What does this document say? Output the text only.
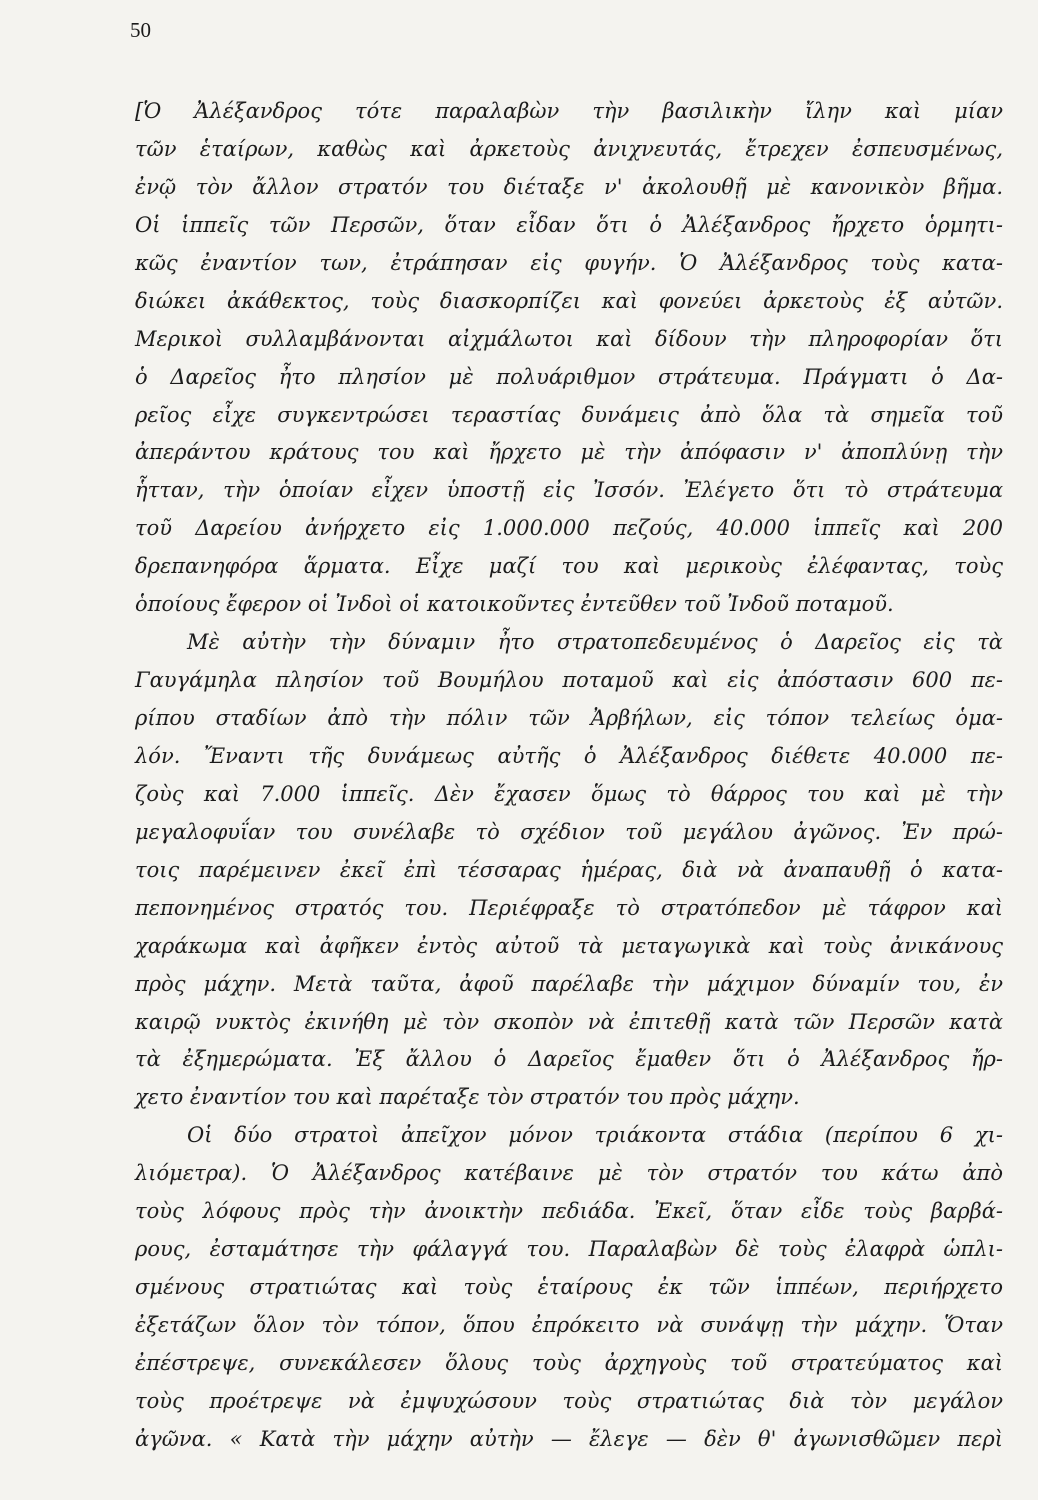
50
[Ὁ Ἀλέξανδρος τότε παραλαβὼν τὴν βασιλικὴν ἴλην καὶ μίαν
τῶν ἑταίρων, καθὼς καὶ ἀρκετοὺς ἀνιχνευτάς, ἔτρεχεν ἐσπευσμένως,
ἐνῷ τὸν ἄλλον στρατόν του διέταξε ν' ἀκολουθῇ μὲ κανονικὸν βῆμα.
Οἱ ἱππεῖς τῶν Περσῶν, ὅταν εἶδαν ὅτι ὁ Ἀλέξανδρος ἤρχετο ὁρμητι-
κῶς ἐναντίον των, ἐτράπησαν εἰς φυγήν. Ὁ Ἀλέξανδρος τοὺς κατα-
διώκει ἀκάθεκτος, τοὺς διασκορπίζει καὶ φονεύει ἀρκετοὺς ἐξ αὐτῶν.
Μερικοὶ συλλαμβάνονται αἰχμάλωτοι καὶ δίδουν τὴν πληροφορίαν ὅτι
ὁ Δαρεῖος ἦτο πλησίον μὲ πολυάριθμον στράτευμα. Πράγματι ὁ Δα-
ρεῖος εἶχε συγκεντρώσει τεραστίας δυνάμεις ἀπὸ ὅλα τὰ σημεῖα τοῦ
ἀπεράντου κράτους του καὶ ἤρχετο μὲ τὴν ἀπόφασιν ν' ἀποπλύνῃ τὴν
ἧτταν, τὴν ὁποίαν εἶχεν ὑποστῇ εἰς Ἰσσόν. Ἐλέγετο ὅτι τὸ στράτευμα
τοῦ Δαρείου ἀνήρχετο εἰς 1.000.000 πεζούς, 40.000 ἱππεῖς καὶ 200
δρεπανηφόρα ἅρματα. Εἶχε μαζί του καὶ μερικοὺς ἐλέφαντας, τοὺς
ὁποίους ἔφερον οἱ Ἰνδοὶ οἱ κατοικοῦντες ἐντεῦθεν τοῦ Ἰνδοῦ ποταμοῦ.
Μὲ αὐτὴν τὴν δύναμιν ἦτο στρατοπεδευμένος ὁ Δαρεῖος εἰς τὰ
Γαυγάμηλα πλησίον τοῦ Βουμήλου ποταμοῦ καὶ εἰς ἀπόστασιν 600 πε-
ρίπου σταδίων ἀπὸ τὴν πόλιν τῶν Ἀρβήλων, εἰς τόπον τελείως ὁμα-
λόν. Ἔναντι τῆς δυνάμεως αὐτῆς ὁ Ἀλέξανδρος διέθετε 40.000 πε-
ζοὺς καὶ 7.000 ἱππεῖς. Δὲν ἔχασεν ὅμως τὸ θάρρος του καὶ μὲ τὴν
μεγαλοφυΐαν του συνέλαβε τὸ σχέδιον τοῦ μεγάλου ἀγῶνος. Ἐν πρώ-
τοις παρέμεινεν ἐκεῖ ἐπὶ τέσσαρας ἡμέρας, διὰ νὰ ἀναπαυθῇ ὁ κατα-
πεπονημένος στρατός του. Περιέφραξε τὸ στρατόπεδον μὲ τάφρον καὶ
χαράκωμα καὶ ἀφῆκεν ἐντὸς αὐτοῦ τὰ μεταγωγικὰ καὶ τοὺς ἀνικάνους
πρὸς μάχην. Μετὰ ταῦτα, ἀφοῦ παρέλαβε τὴν μάχιμον δύναμίν του, ἐν
καιρῷ νυκτὸς ἐκινήθη μὲ τὸν σκοπὸν νὰ ἐπιτεθῇ κατὰ τῶν Περσῶν κατὰ
τὰ ἐξημερώματα. Ἐξ ἄλλου ὁ Δαρεῖος ἔμαθεν ὅτι ὁ Ἀλέξανδρος ἤρ-
χετο ἐναντίον του καὶ παρέταξε τὸν στρατόν του πρὸς μάχην.
Οἱ δύο στρατοὶ ἀπεῖχον μόνον τριάκοντα στάδια (περίπου 6 χι-
λιόμετρα). Ὁ Ἀλέξανδρος κατέβαινε μὲ τὸν στρατόν του κάτω ἀπὸ
τοὺς λόφους πρὸς τὴν ἀνοικτὴν πεδιάδα. Ἐκεῖ, ὅταν εἶδε τοὺς βαρβά-
ρους, ἐσταμάτησε τὴν φάλαγγά του. Παραλαβὼν δὲ τοὺς ἐλαφρὰ ὡπλι-
σμένους στρατιώτας καὶ τοὺς ἑταίρους ἐκ τῶν ἱππέων, περιήρχετο
ἐξετάζων ὅλον τὸν τόπον, ὅπου ἐπρόκειτο νὰ συνάψῃ τὴν μάχην. Ὅταν
ἐπέστρεψε, συνεκάλεσεν ὅλους τοὺς ἀρχηγοὺς τοῦ στρατεύματος καὶ
τοὺς προέτρεψε νὰ ἐμψυχώσουν τοὺς στρατιώτας διὰ τὸν μεγάλον
ἀγῶνα. « Κατὰ τὴν μάχην αὐτὴν — ἔλεγε — δὲν θ' ἀγωνισθῶμεν περὶ
